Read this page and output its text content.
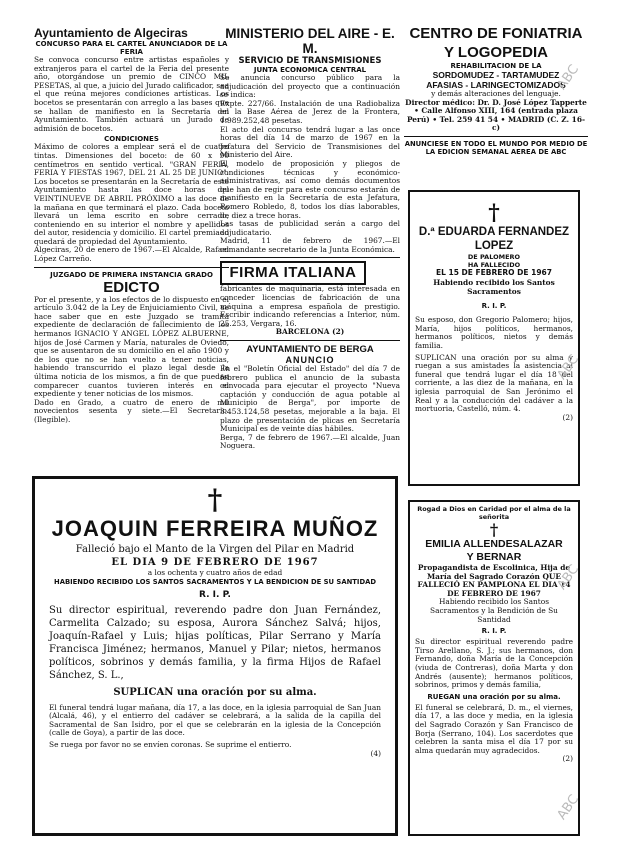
Ayuntamiento de Algeciras
CONCURSO PARA EL CARTEL ANUNCIADOR DE LA FERIA

Se convoca concurso entre artistas españoles y extranjeros para el cartel de la Feria del presente año, otorgándose un premio de CINCO MIL PESETAS, al que, a juicio del Jurado calificador, sea el que reúna mejores condiciones artísticas. Los bocetos se presentarán con arreglo a las bases que se hallan de manifiesto en la Secretaría del Ayuntamiento. También actuará un Jurado de admisión de bocetos.

CONDICIONES

Máximo de colores a emplear será el de cuatro tintas. Dimensiones del boceto: de 60 x 90 centímetros en sentido vertical. "GRAN FERIA, FERIA Y FIESTAS 1967, DEL 21 AL 25 DE JUNIO". Los bocetos se presentarán en la Secretaría de este Ayuntamiento hasta las doce horas del VEINTINUEVE DE ABRIL PRÓXIMO a las doce de la mañana en que terminará el plazo. Cada boceto llevará un lema escrito en sobre cerrado, conteniendo en su interior el nombre y apellidos del autor, residencia y domicilio. El cartel premiado quedará de propiedad del Ayuntamiento.

Algeciras, 20 de enero de 1967.—El Alcalde, Rafael López Carreño.

JUZGADO DE PRIMERA INSTANCIA GRADO
EDICTO

Por el presente, y a los efectos de lo dispuesto en el artículo 3.042 de la Ley de Enjuiciamiento Civil, se hace saber que en este Juzgado se tramita expediente de declaración de fallecimiento de los hermanos IGNACIO Y ANGEL LÓPEZ ALBUERNE, hijos de José Carmen y María, naturales de Oviedo, que se ausentaron de su domicilio en el año 1900 y de los que no se han vuelto a tener noticias, habiendo transcurrido el plazo legal desde la última noticia de los mismos, a fin de que puedan comparecer cuantos tuvieren interés en el expediente y tener noticias de los mismos.

Dado en Grado, a cuatro de enero de mil novecientos sesenta y siete.—El Secretario. (Ilegible).

MINISTERIO DEL AIRE - E. M.
SERVICIO DE TRANSMISIONES
JUNTA ECONOMICA CENTRAL

Se anuncia concurso público para la adjudicación del proyecto que a continuación se indica:

Expte. 227/66. Instalación de una Radiobaliza en la Base Aérea de Jerez de la Frontera, 1.989.252,48 pesetas.

El acto del concurso tendrá lugar a las once horas del día 14 de marzo de 1967 en la Jefatura del Servicio de Transmisiones del Ministerio del Aire.

El modelo de proposición y pliegos de condiciones técnicas y económico-administrativas, así como demás documentos que han de regir para este concurso estarán de manifiesto en la Secretaría de esta Jefatura, Romero Robledo, 8, todos los días laborables, de diez a trece horas.

Las tasas de publicidad serán a cargo del adjudicatario.

Madrid, 11 de febrero de 1967.—El comandante secretario de la Junta Económica.

FIRMA ITALIANA

fabricantes de maquinaria, está interesada en conceder licencias de fabricación de una máquina a empresa española de prestigio. Escribir indicando referencias a Interior, núm. 25.253, Vergara, 16.

BARCELONA (2)

AYUNTAMIENTO DE BERGA
ANUNCIO

En el "Boletín Oficial del Estado" del día 7 de febrero publica el anuncio de la subasta convocada para ejecutar el proyecto "Nueva captación y conducción de agua potable al Municipio de Berga", por importe de 3.453.124,58 pesetas, mejorable a la baja. El plazo de presentación de plicas en Secretaría Municipal es de veinte días hábiles.

Berga, 7 de febrero de 1967.—El alcalde, Juan Noguera.

CENTRO DE FONIATRIA
Y LOGOPEDIA
REHABILITACION DE LA
SORDOMUDEZ - TARTAMUDEZ
AFASIAS - LARINGECTOMIZADOS

y demás alteraciones del lenguaje.

Director médico: Dr. D. José López Tapperte • Calle Alfonso XIII, 164 (entrada plaza Perú) • Tel. 259 41 54 • MADRID (C. Z. 16-c)

ANUNCIESE EN TODO EL MUNDO POR MEDIO DE LA EDICION SEMANAL AEREA DE ABC
†
D.ª EDUARDA FERNANDEZ
LOPEZ
DE PALOMERO
HA FALLECIDO
EL 15 DE FEBRERO DE 1967

Habiendo recibido los Santos Sacramentos

R. I. P.

Su esposo, don Gregorio Palomero; hijos, María, hijos políticos, hermanos, hermanos políticos, nietos y demás familia.

SUPLICAN una oración por su alma y ruegan a sus amistades la asistencia al funeral que tendrá lugar el día 18 del corriente, a las diez de la mañana, en la iglesia parroquial de San Jerónimo el Real y a la conducción del cadáver a la mortuoria, Castelló, núm. 4.

(2)

†
JOAQUIN FERREIRA MUÑOZ

Falleció bajo el Manto de la Virgen del Pilar en Madrid

EL DIA 9 DE FEBRERO DE 1967

a los ochenta y cuatro años de edad

HABIENDO RECIBIDO LOS SANTOS SACRAMENTOS Y LA BENDICION DE SU SANTIDAD
R. I. P.

Su director espiritual, reverendo padre don Juan Fernández, Carmelita Calzado; su esposa, Aurora Sánchez Salvá; hijos, Joaquín-Rafael y Luis; hijas políticas, Pilar Serrano y María Francisca Jiménez; hermanos, Manuel y Pilar; nietos, hermanos políticos, sobrinos y demás familia, y la firma Hijos de Rafael Sánchez, S. L.,

SUPLICAN una oración por su alma.

El funeral tendrá lugar mañana, día 17, a las doce, en la iglesia parroquial de San Juan (Alcalá, 46), y el entierro del cadáver se celebrará, a la salida de la capilla del Sacramental de San Isidro, por el que se celebrarán en la iglesia de la Concepción (calle de Goya), a partir de las doce.

Se ruega por favor no se envíen coronas. Se suprime el entierro.

(4)

Rogad a Dios en Caridad por el alma de la señorita
†
EMILIA ALLENDESALAZAR
Y BERNAR

Propagandista de Escolinica, Hija de María del Sagrado Corazón QUE FALLECIÓ EN PAMPLONA EL DIA 14 DE FEBRERO DE 1967

Habiendo recibido los Santos Sacramentos y la Bendición de Su Santidad

R. I. P.

Su director espiritual reverendo padre Tirso Arellano, S. J.; sus hermanos, don Fernando, doña María de la Concepción (viuda de Contreras), doña Marta y don Andrés (ausente); hermanos políticos, sobrinos, primos y demás familia,

RUEGAN una oración por su alma.

El funeral se celebrará, D. m., el viernes, día 17, a las doce y media, en la iglesia del Sagrado Corazón y San Francisco de Borja (Serrano, 104). Los sacerdotes que celebren la santa misa el día 17 por su alma quedarán muy agradecidos.

(2)

ABC
ABC
ABC
ABC
